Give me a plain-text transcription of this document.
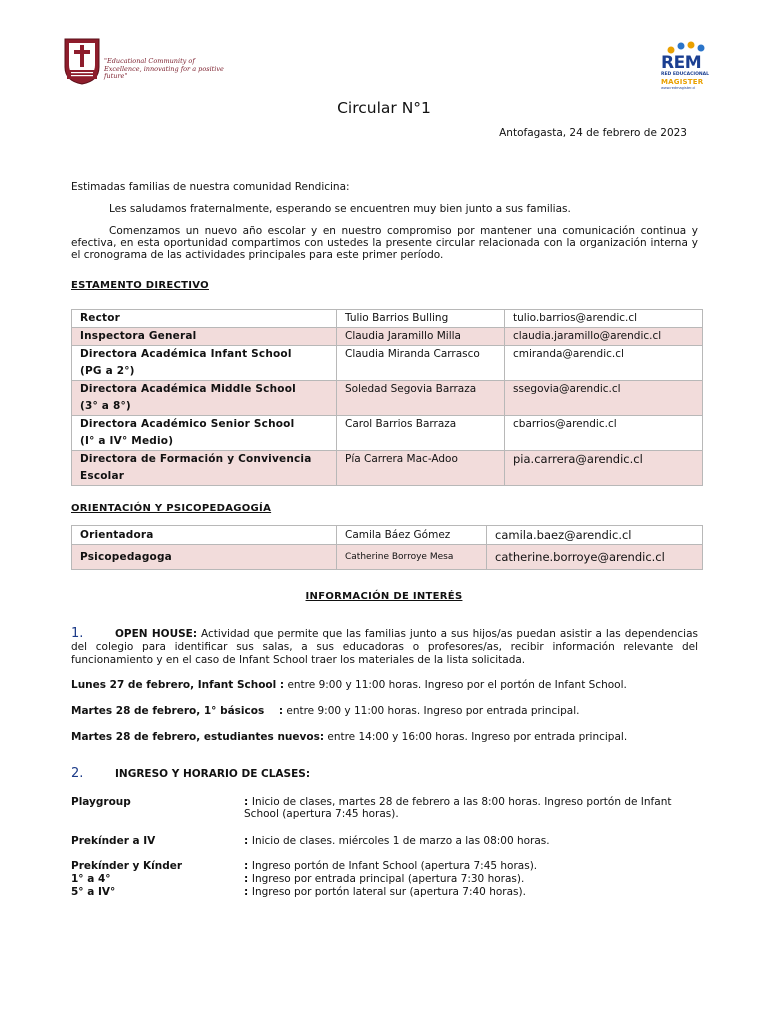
"Educational Community of Excellence, innovating for a positive future"
REM
RED EDUCACIONAL
MAGISTER
www.redmagister.cl
Circular N°1
Antofagasta, 24 de febrero de 2023
Estimadas familias de nuestra comunidad Rendicina:
Les saludamos fraternalmente, esperando se encuentren muy bien junto a sus familias.
Comenzamos un nuevo año escolar y en nuestro compromiso por mantener una comunicación continua y efectiva, en esta oportunidad compartimos con ustedes la presente circular relacionada con la organización interna y el cronograma de las actividades principales para este primer período.
ESTAMENTO DIRECTIVO
Rector	Tulio Barrios Bulling	tulio.barrios@arendic.cl

Inspectora General	Claudia Jaramillo Milla	claudia.jaramillo@arendic.cl

Directora Académica Infant School
(PG a 2°)	Claudia Miranda Carrasco	cmiranda@arendic.cl

Directora Académica Middle School
(3° a 8°)	Soledad Segovia Barraza	ssegovia@arendic.cl

Directora Académico Senior School
(I° a IV° Medio)	Carol Barrios Barraza	cbarrios@arendic.cl

Directora de Formación y Convivencia
Escolar	Pía Carrera Mac-Adoo	pia.carrera@arendic.cl
ORIENTACIÓN Y PSICOPEDAGOGÍA
Orientadora	Camila Báez Gómez	camila.baez@arendic.cl
Psicopedagoga	Catherine Borroye Mesa	catherine.borroye@arendic.cl
INFORMACIÓN DE INTERÉS
1.	OPEN HOUSE: Actividad que permite que las familias junto a sus hijos/as puedan asistir a las dependencias del colegio para identificar sus salas, a sus educadoras o profesores/as, recibir información relevante del funcionamiento y en el caso de Infant School traer los materiales de la lista solicitada.
Lunes 27 de febrero, Infant School : entre 9:00 y 11:00 horas. Ingreso por el portón de Infant School.
Martes 28 de febrero, 1° básicos    : entre 9:00 y 11:00 horas. Ingreso por entrada principal.
Martes 28 de febrero, estudiantes nuevos: entre 14:00 y 16:00 horas. Ingreso por entrada principal.
2.	INGRESO Y HORARIO DE CLASES:
Playgroup	: Inicio de clases, martes 28 de febrero a las 8:00 horas. Ingreso portón de Infant School (apertura 7:45 horas).
Prekínder a IV	: Inicio de clases. miércoles 1 de marzo a las 08:00 horas.
Prekínder y Kínder	: Ingreso portón de Infant School (apertura 7:45 horas).
1° a 4°	: Ingreso por entrada principal (apertura 7:30 horas).
5° a IV°	: Ingreso por portón lateral sur (apertura 7:40 horas).
